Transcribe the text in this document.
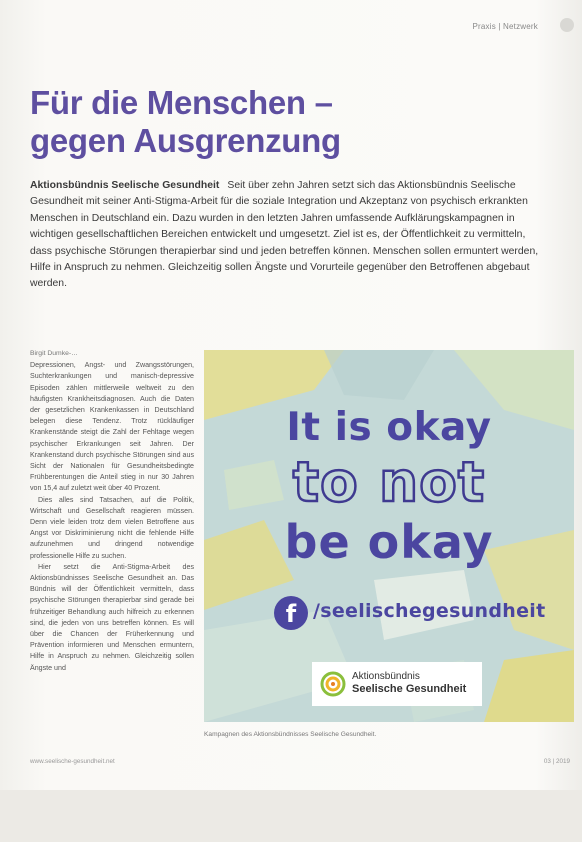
Praxis | Netzwerk
Für die Menschen –
gegen Ausgrenzung

Aktionsbündnis Seelische Gesundheit Seit über zehn Jahren setzt sich das Aktionsbündnis Seelische Gesundheit mit seiner Anti-Stigma-Arbeit für die soziale Integration und Akzeptanz von psychisch erkrankten Menschen in Deutschland ein. Dazu wurden in den letzten Jahren umfassende Aufklärungskampagnen in wichtigen gesellschaftlichen Bereichen entwickelt und umgesetzt. Ziel ist es, der Öffentlichkeit zu vermitteln, dass psychische Störungen therapierbar sind und jeden betreffen können. Menschen sollen ermuntert werden, Hilfe in Anspruch zu nehmen. Gleichzeitig sollen Ängste und Vorurteile gegenüber den Betroffenen abgebaut werden.

Birgit Dumke-…

Depressionen, Angst- und Zwangsstörungen, Suchterkrankungen und manisch-depressive Episoden zählen mittlerweile weltweit zu den häufigsten Krankheitsdiagnosen. Auch die Daten der gesetzlichen Krankenkassen in Deutschland belegen diese Tendenz. Trotz rückläufiger Krankenstände steigt die Zahl der Fehltage wegen psychischer Erkrankungen seit Jahren. Der Krankenstand durch psychische Störungen sind aus Sicht der Nationalen für Gesundheitsbedingte Frühberentungen die Anteil stieg in nur 30 Jahren von 15,4 auf zuletzt weit über 40 Prozent.

Dies alles sind Tatsachen, auf die Politik, Wirtschaft und Gesellschaft reagieren müssen. Denn viele leiden trotz dem vielen Betroffene aus Angst vor Diskriminierung nicht die fehlende Hilfe aufzunehmen und dringend notwendige professionelle Hilfe zu suchen.

Hier setzt die Anti-Stigma-Arbeit des Aktionsbündnisses Seelische Gesundheit an. Das Bündnis will der Öffentlichkeit vermitteln, dass psychische Störungen therapierbar sind gerade bei frühzeitiger Behandlung auch hilfreich zu erkennen sind, die jeden von uns betreffen können. Es will über die Chancen der Früherkennung und Prävention informieren und Menschen ermuntern, Hilfe in Anspruch zu nehmen. Gleichzeitig sollen Ängste und

It is okay
to not
be okay
f /seelischegesundheit
Aktionsbündnis
Seelische Gesundheit
Kampagnen des Aktionsbündnisses Seelische Gesundheit.
www.seelische-gesundheit.net	03 | 2019
